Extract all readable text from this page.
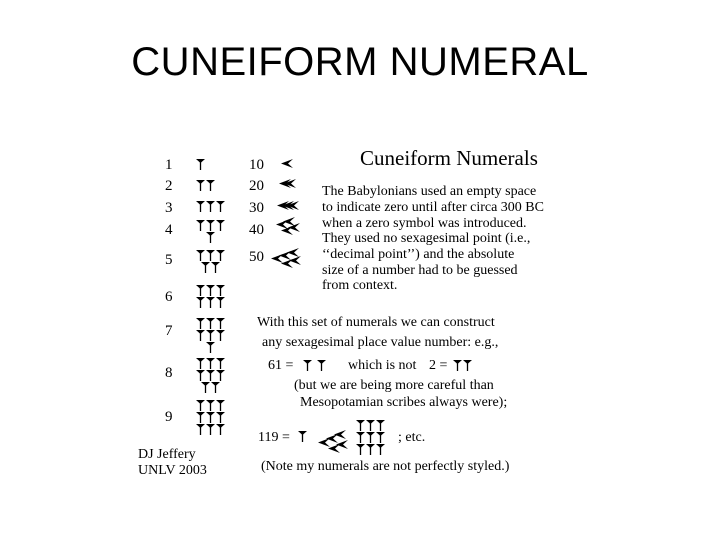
CUNEIFORM NUMERAL
Cuneiform Numerals
1
2
3
4
5
6
7
8
9
10
20
30
40
50
The Babylonians used an empty space
to indicate zero until after circa 300 BC
when a zero symbol was introduced.
They used no sexagesimal point (i.e.,
‘‘decimal point’’) and the absolute
size of a number had to be guessed
from context.
With this set of numerals we can construct
any sexagesimal place value number: e.g.,
61 =	which is not 2 =
(but we are being more careful than
Mesopotamian scribes always were);
119 =	; etc.
(Note my numerals are not perfectly styled.)
DJ Jeffery
UNLV 2003
